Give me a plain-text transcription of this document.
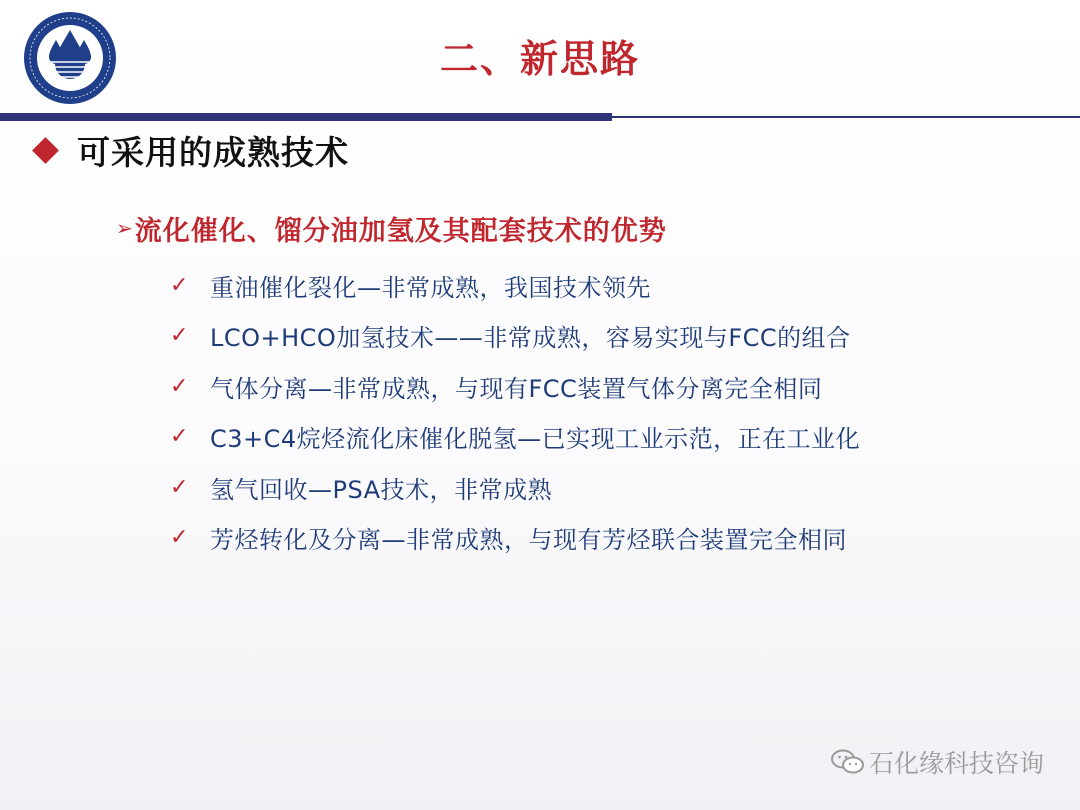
二、新思路
可采用的成熟技术
➢ 流化催化、馏分油加氢及其配套技术的优势
✓ 重油催化裂化—非常成熟，我国技术领先
✓ LCO+HCO加氢技术——非常成熟，容易实现与FCC的组合
✓ 气体分离—非常成熟，与现有FCC装置气体分离完全相同
✓ C3+C4烷烃流化床催化脱氢—已实现工业示范，正在工业化
✓ 氢气回收—PSA技术，非常成熟
✓ 芳烃转化及分离—非常成熟，与现有芳烃联合装置完全相同
石化缘科技咨询
